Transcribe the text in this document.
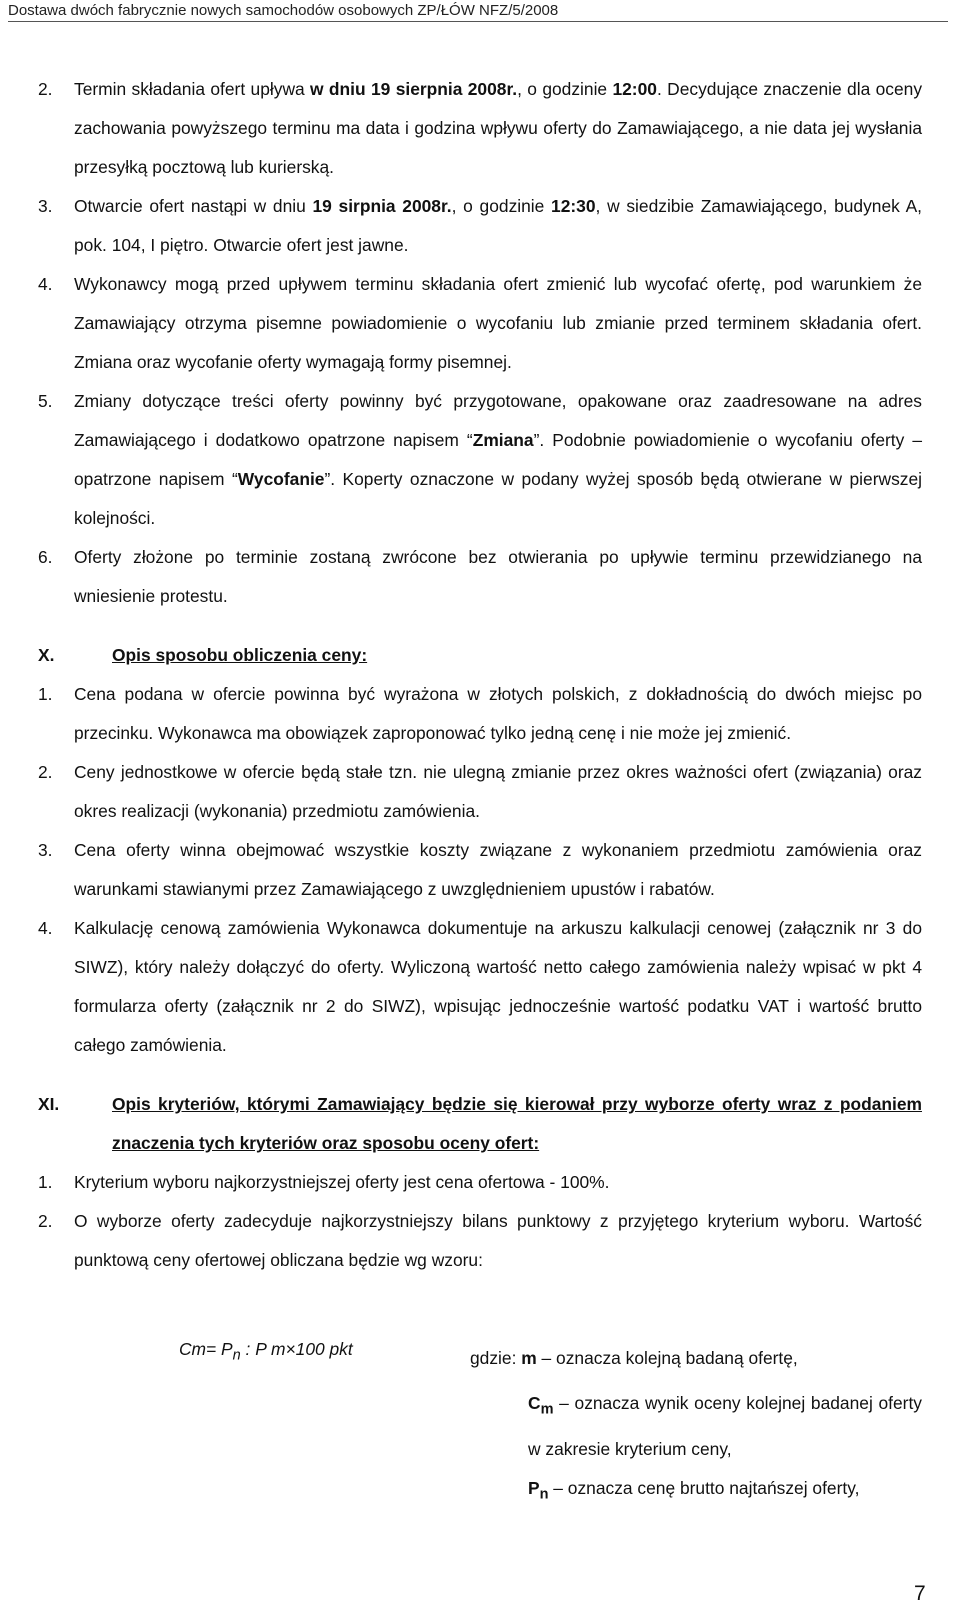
Dostawa dwóch fabrycznie nowych samochodów osobowych ZP/ŁÓW NFZ/5/2008

2. Termin składania ofert upływa w dniu 19 sierpnia 2008r., o godzinie 12:00. Decydujące znaczenie dla oceny zachowania powyższego terminu ma data i godzina wpływu oferty do Zamawiającego, a nie data jej wysłania przesyłką pocztową lub kurierską.

3. Otwarcie ofert nastąpi w dniu 19 sirpnia 2008r., o godzinie 12:30, w siedzibie Zamawiającego, budynek A, pok. 104, I piętro. Otwarcie ofert jest jawne.

4. Wykonawcy mogą przed upływem terminu składania ofert zmienić lub wycofać ofertę, pod warunkiem że Zamawiający otrzyma pisemne powiadomienie o wycofaniu lub zmianie przed terminem składania ofert. Zmiana oraz wycofanie oferty wymagają formy pisemnej.

5. Zmiany dotyczące treści oferty powinny być przygotowane, opakowane oraz zaadresowane na adres Zamawiającego i dodatkowo opatrzone napisem “Zmiana”. Podobnie powiadomienie o wycofaniu oferty – opatrzone napisem “Wycofanie”. Koperty oznaczone w podany wyżej sposób będą otwierane w pierwszej kolejności.

6. Oferty złożone po terminie zostaną zwrócone bez otwierania po upływie terminu przewidzianego na wniesienie protestu.

X.	Opis sposobu obliczenia ceny:

1. Cena podana w ofercie powinna być wyrażona w złotych polskich, z dokładnością do dwóch miejsc po przecinku. Wykonawca ma obowiązek zaproponować tylko jedną cenę i nie może jej zmienić.

2. Ceny jednostkowe w ofercie będą stałe tzn. nie ulegną zmianie przez okres ważności ofert (związania) oraz okres realizacji (wykonania) przedmiotu zamówienia.

3. Cena oferty winna obejmować wszystkie koszty związane z wykonaniem przedmiotu zamówienia oraz warunkami stawianymi przez Zamawiającego z uwzględnieniem upustów i rabatów.

4. Kalkulację cenową zamówienia Wykonawca dokumentuje na arkuszu kalkulacji cenowej (załącznik nr 3 do SIWZ), który należy dołączyć do oferty. Wyliczoną wartość netto całego zamówienia należy wpisać w pkt 4 formularza oferty (załącznik nr 2 do SIWZ), wpisując jednocześnie wartość podatku VAT i wartość brutto całego zamówienia.

XI.	Opis kryteriów, którymi Zamawiający będzie się kierował przy wyborze oferty wraz z podaniem znaczenia tych kryteriów oraz sposobu oceny ofert:

1. Kryterium wyboru najkorzystniejszej oferty jest cena ofertowa - 100%.

2. O wyborze oferty zadecyduje najkorzystniejszy bilans punktowy z przyjętego kryterium wyboru. Wartość punktową ceny ofertowej obliczana będzie wg wzoru:

$Cm= P_n$ : P m×100 pkt	gdzie: m – oznacza kolejną badaną ofertę,
$C_m$ – oznacza wynik oceny kolejnej badanej oferty w zakresie kryterium ceny,
$P_n$ – oznacza cenę brutto najtańszej oferty,
7
